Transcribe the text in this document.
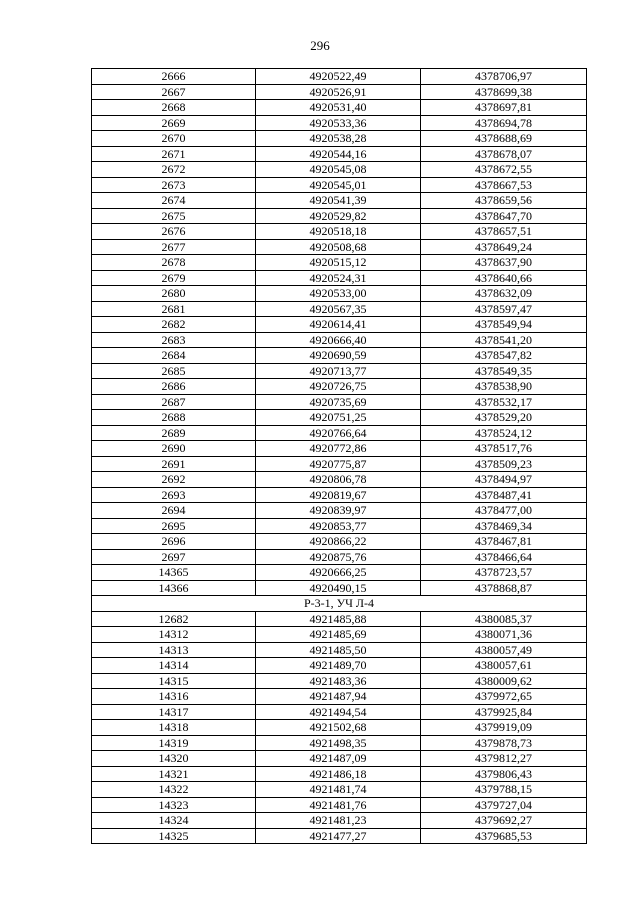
296
2666	4920522,49	4378706,97
2667	4920526,91	4378699,38
2668	4920531,40	4378697,81
2669	4920533,36	4378694,78
2670	4920538,28	4378688,69
2671	4920544,16	4378678,07
2672	4920545,08	4378672,55
2673	4920545,01	4378667,53
2674	4920541,39	4378659,56
2675	4920529,82	4378647,70
2676	4920518,18	4378657,51
2677	4920508,68	4378649,24
2678	4920515,12	4378637,90
2679	4920524,31	4378640,66
2680	4920533,00	4378632,09
2681	4920567,35	4378597,47
2682	4920614,41	4378549,94
2683	4920666,40	4378541,20
2684	4920690,59	4378547,82
2685	4920713,77	4378549,35
2686	4920726,75	4378538,90
2687	4920735,69	4378532,17
2688	4920751,25	4378529,20
2689	4920766,64	4378524,12
2690	4920772,86	4378517,76
2691	4920775,87	4378509,23
2692	4920806,78	4378494,97
2693	4920819,67	4378487,41
2694	4920839,97	4378477,00
2695	4920853,77	4378469,34
2696	4920866,22	4378467,81
2697	4920875,76	4378466,64
14365	4920666,25	4378723,57
14366	4920490,15	4378868,87
Р-3-1, УЧ Л-4		
12682	4921485,88	4380085,37
14312	4921485,69	4380071,36
14313	4921485,50	4380057,49
14314	4921489,70	4380057,61
14315	4921483,36	4380009,62
14316	4921487,94	4379972,65
14317	4921494,54	4379925,84
14318	4921502,68	4379919,09
14319	4921498,35	4379878,73
14320	4921487,09	4379812,27
14321	4921486,18	4379806,43
14322	4921481,74	4379788,15
14323	4921481,76	4379727,04
14324	4921481,23	4379692,27
14325	4921477,27	4379685,53
